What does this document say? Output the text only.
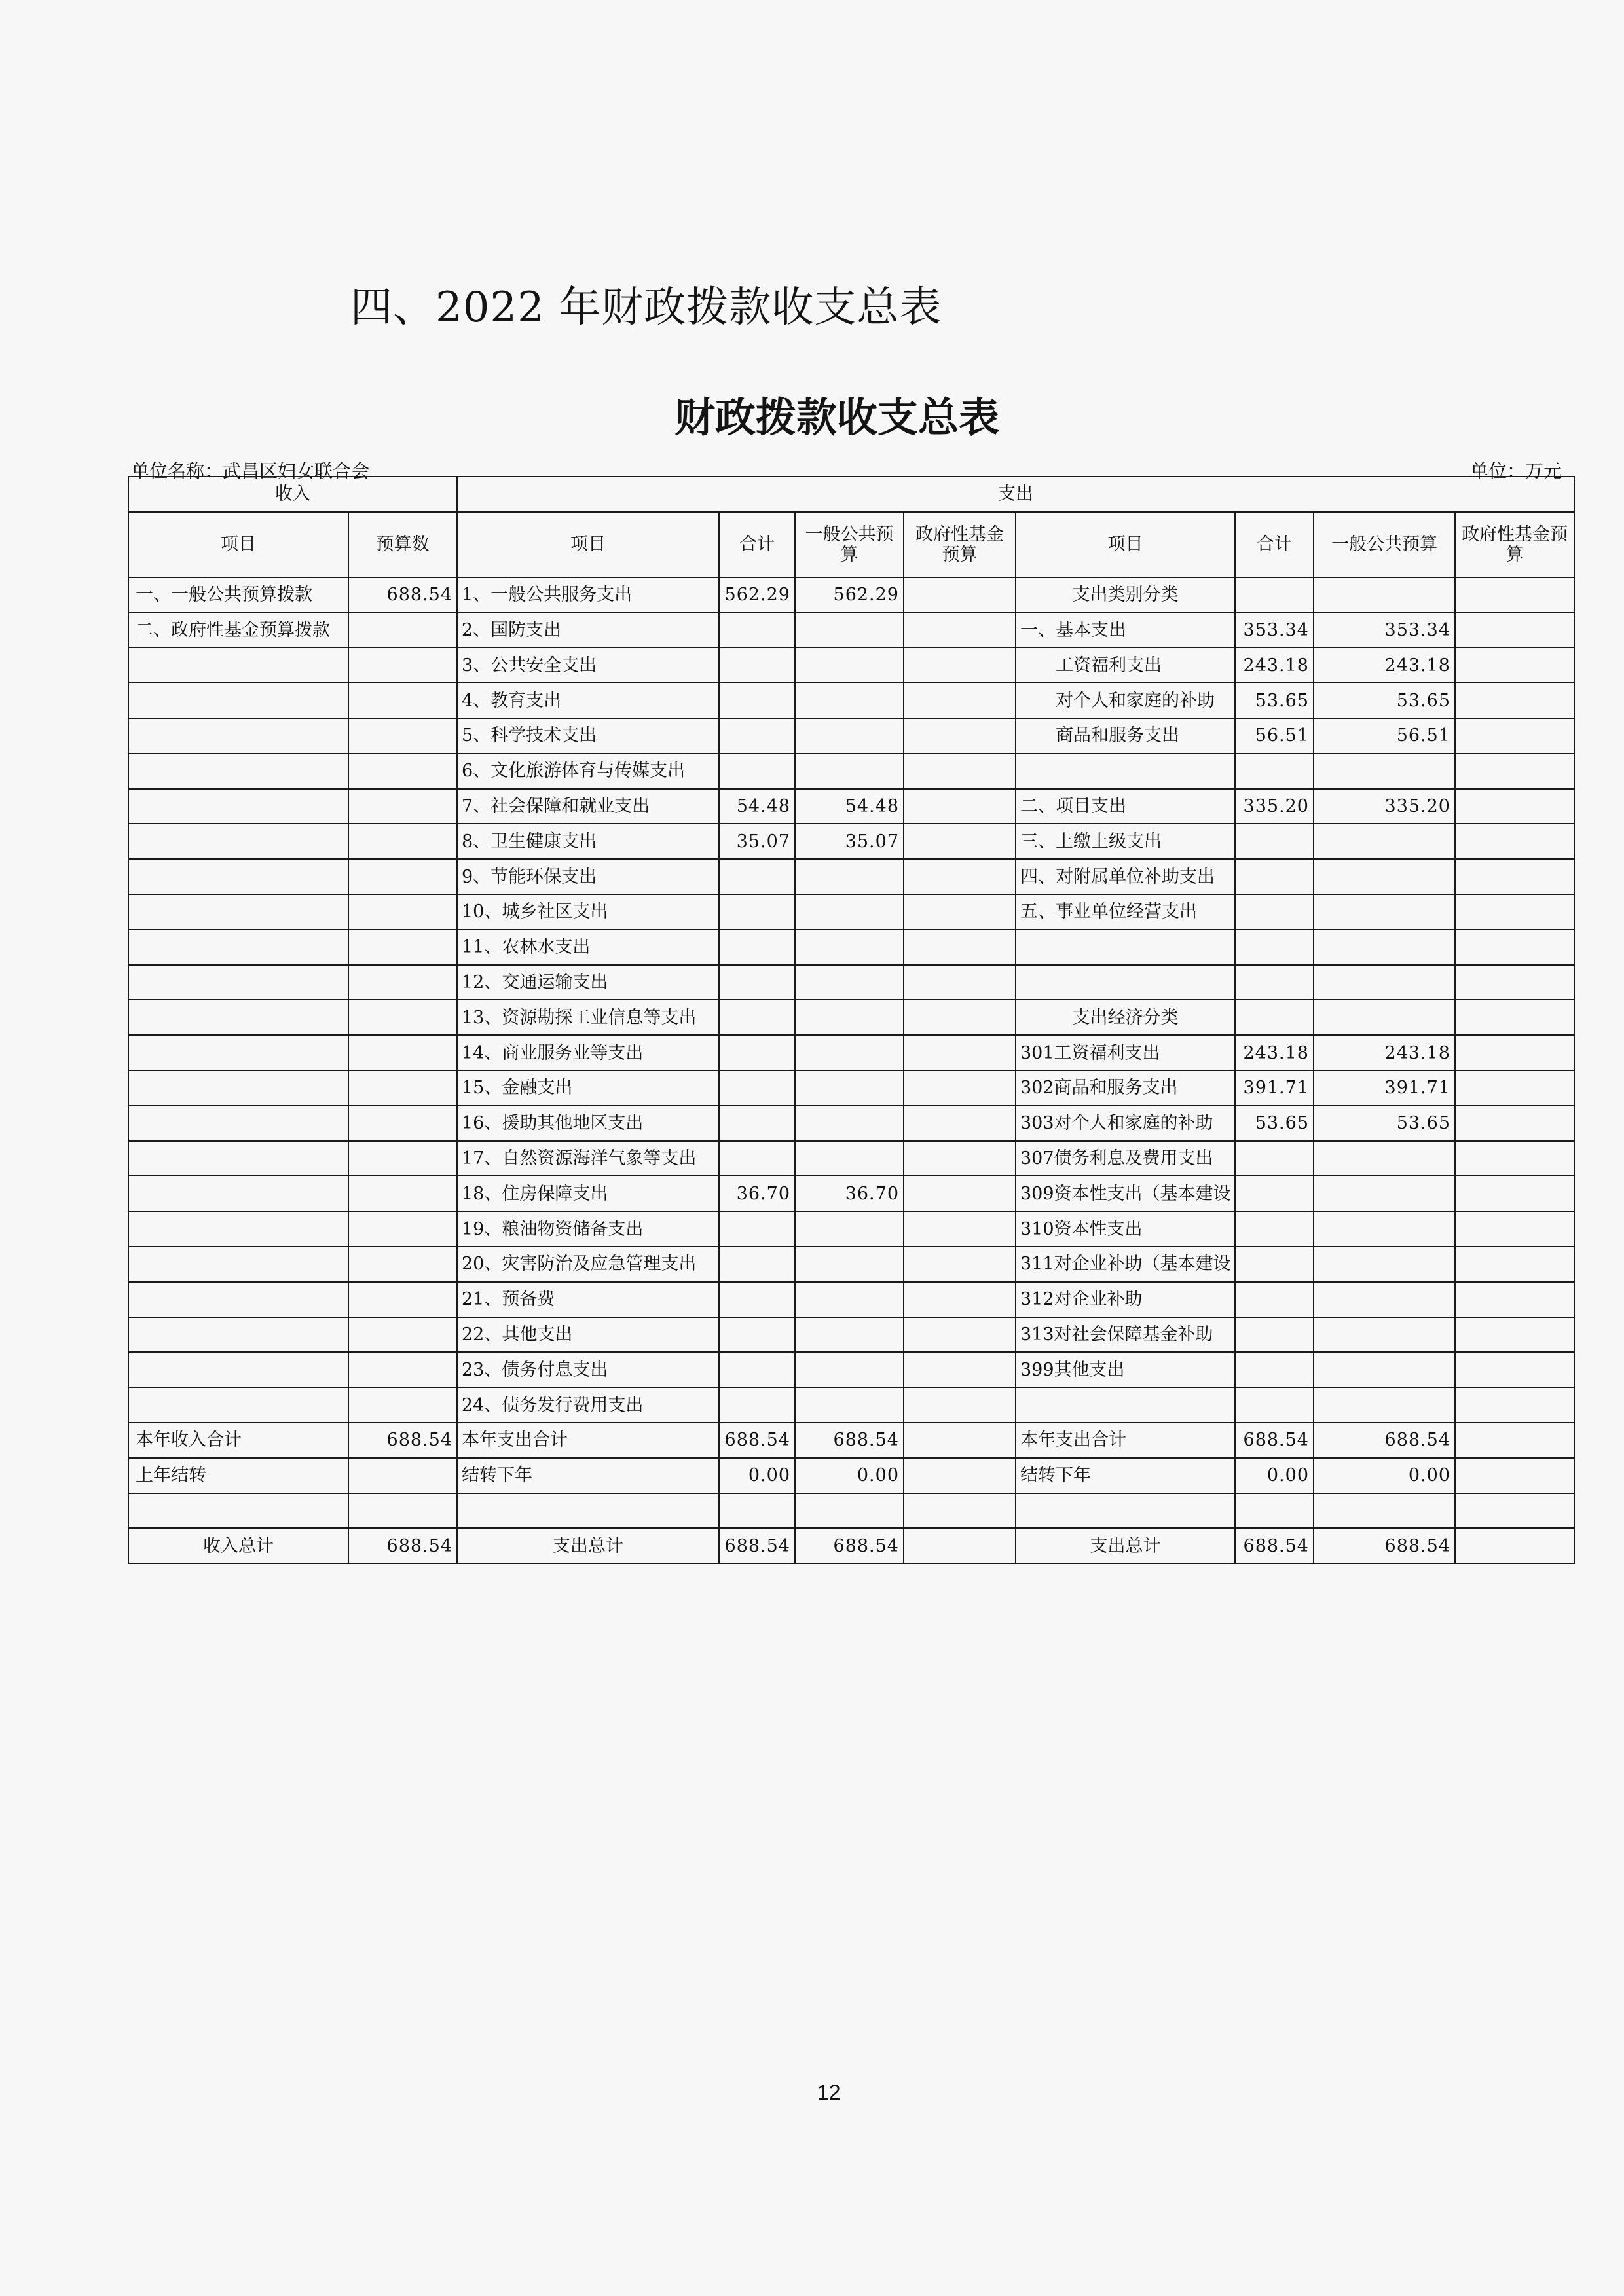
四、2022 年财政拨款收支总表
财政拨款收支总表
单位名称：武昌区妇女联合会	单位：万元
收入		支出							
项目	预算数	项目	合计	一般公共预算	政府性基金预算	项目	合计	一般公共预算	政府性基金预算
一、一般公共预算拨款	688.54	1、一般公共服务支出	562.29	562.29		支出类别分类			
二、政府性基金预算拨款		2、国防支出				一、基本支出	353.34	353.34	
		3、公共安全支出				工资福利支出	243.18	243.18	
		4、教育支出				对个人和家庭的补助	53.65	53.65	
		5、科学技术支出				商品和服务支出	56.51	56.51	
		6、文化旅游体育与传媒支出							
		7、社会保障和就业支出	54.48	54.48		二、项目支出	335.20	335.20	
		8、卫生健康支出	35.07	35.07		三、上缴上级支出			
		9、节能环保支出				四、对附属单位补助支出			
		10、城乡社区支出				五、事业单位经营支出			
		11、农林水支出							
		12、交通运输支出							
		13、资源勘探工业信息等支出				支出经济分类			
		14、商业服务业等支出				301工资福利支出	243.18	243.18	
		15、金融支出				302商品和服务支出	391.71	391.71	
		16、援助其他地区支出				303对个人和家庭的补助	53.65	53.65	
		17、自然资源海洋气象等支出				307债务利息及费用支出			
		18、住房保障支出	36.70	36.70		309资本性支出（基本建设			
		19、粮油物资储备支出				310资本性支出			
		20、灾害防治及应急管理支出				311对企业补助（基本建设			
		21、预备费				312对企业补助			
		22、其他支出				313对社会保障基金补助			
		23、债务付息支出				399其他支出			
		24、债务发行费用支出							
本年收入合计	688.54	本年支出合计	688.54	688.54		本年支出合计	688.54	688.54	
上年结转		结转下年	0.00	0.00		结转下年	0.00	0.00	

收入总计	688.54	支出总计	688.54	688.54		支出总计	688.54	688.54	
12
